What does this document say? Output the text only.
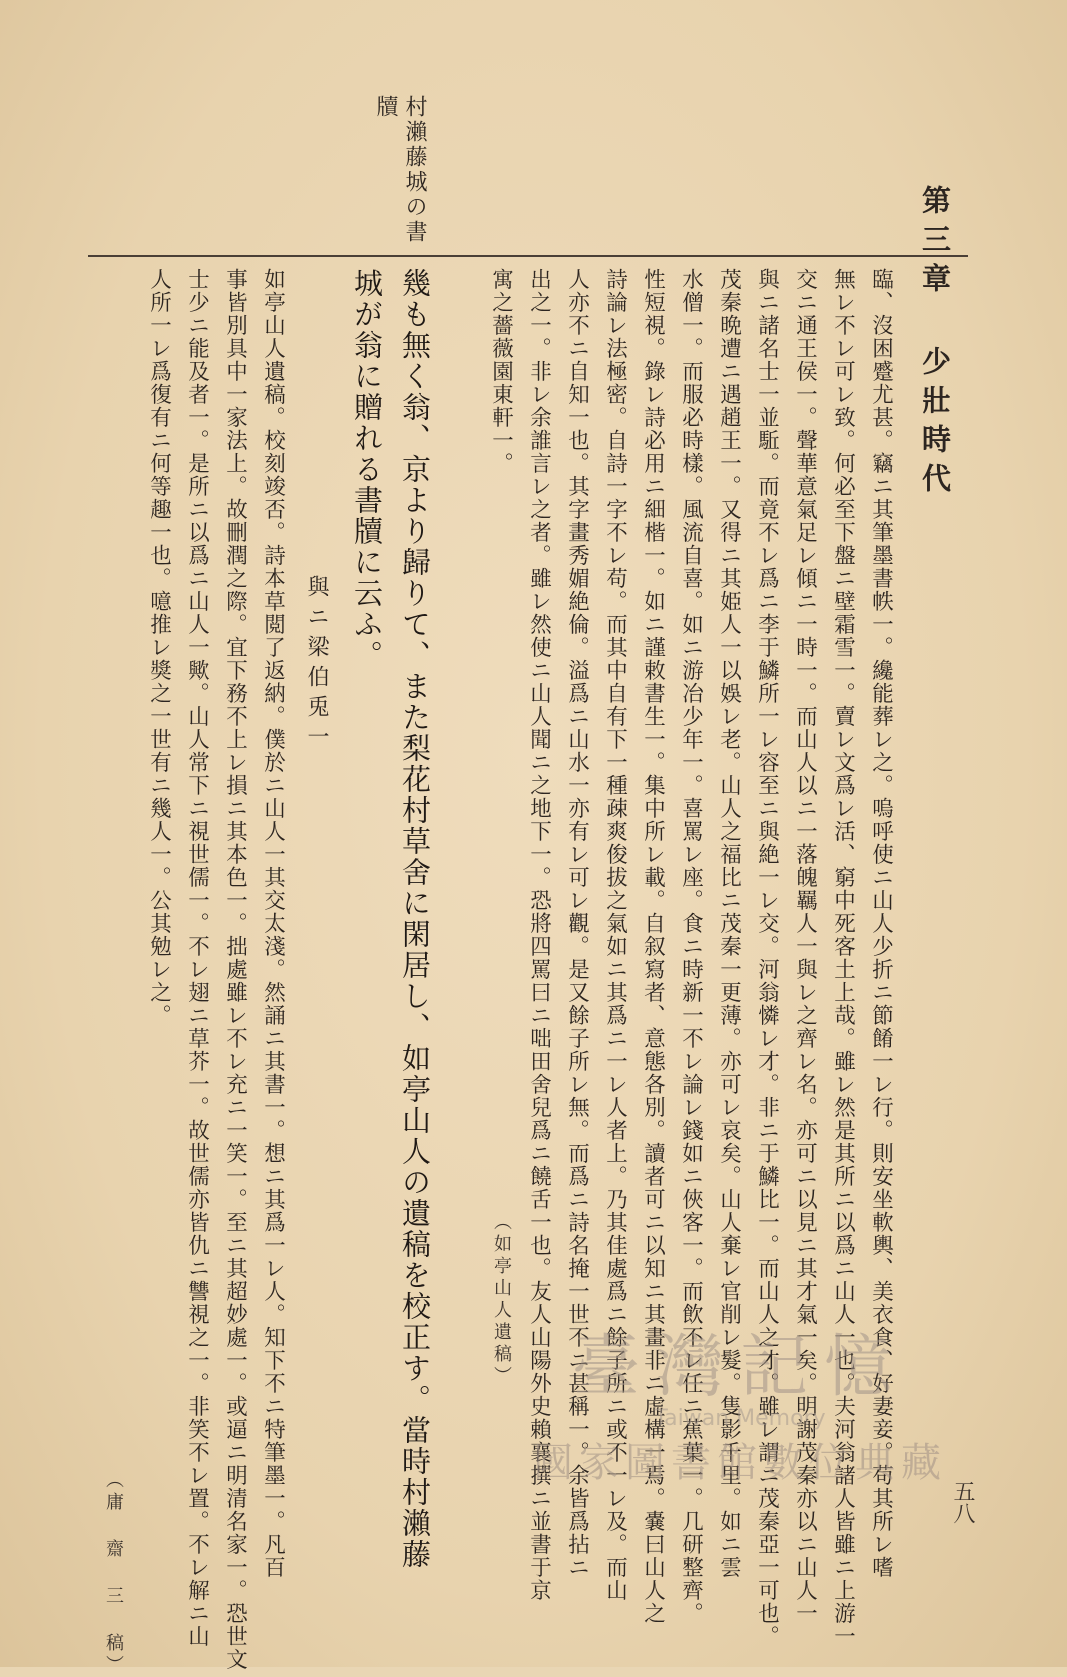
第三章 少壯時代
五八
村瀨藤城の書
牘
臨、沒困蹙尤甚。竊ニ其筆墨書帙一。纔能葬レ之。嗚呼使ニ山人少折ニ節餚一レ行。則安坐軟輿、美衣食、好妻妾。苟其所レ嗜
無レ不レ可レ致。何必至下盤ニ壁霜雪一。賣レ文爲レ活、窮中死客土上哉。雖レ然是其所ニ以爲ニ山人一也。夫河翁諸人皆雖ニ上游一
交ニ通王侯一。聲華意氣足レ傾ニ一時一。而山人以ニ一落魄羈人一與レ之齊レ名。亦可ニ以見ニ其才氣一矣。明謝茂秦亦以ニ山人一
與ニ諸名士一並駈。而竟不レ爲ニ李于鱗所一レ容至ニ與絶一レ交。河翁憐レ才。非ニ于鱗比一。而山人之才。雖レ謂ニ茂秦亞一可也。
茂秦晩遭ニ遇趙王一。又得ニ其姫人一以娛レ老。山人之福比ニ茂秦一更薄。亦可レ哀矣。山人棄レ官削レ髮。隻影千里。如ニ雲
水僧一。而服必時樣。風流自喜。如ニ游冶少年一。喜罵レ座。食ニ時新一不レ論レ錢如ニ俠客一。而飲不レ任ニ蕉葉一。几研整齊。
性短視。錄レ詩必用ニ細楷一。如ニ謹敕書生一。集中所レ載。自叙寫者、意態各別。讀者可ニ以知ニ其畫非ニ虛構一焉。嚢曰山人之
詩論レ法極密。自詩一字不レ苟。而其中自有下一種疎爽俊拔之氣如ニ其爲ニ一レ人者上。乃其佳處爲ニ餘子所ニ或不一レ及。而山
人亦不ニ自知一也。其字畫秀媚絶倫。溢爲ニ山水一亦有レ可レ觀。是又餘子所レ無。而爲ニ詩名掩一世不ニ甚稱一。余皆爲拈ニ
出之一。非レ余誰言レ之者。雖レ然使ニ山人聞ニ之地下一。恐將四罵曰ニ咄田舍兒爲ニ饒舌一也。友人山陽外史賴襄撰ニ並書于京
寓之薔薇園東軒一。
（如亭山人遺稿）
幾も無く翁、京より歸りて、また梨花村草舍に閑居し、如亭山人の遺稿を校正す。當時村瀨藤
城が翁に贈れる書牘に云ふ。
與ニ梁伯兎一
如亭山人遺稿。校刻竣否。詩本草閲了返納。僕於ニ山人一其交太淺。然誦ニ其書一。想ニ其爲一レ人。知下不ニ特筆墨一。凡百
事皆別具中一家法上。故刪潤之際。宜下務不上レ損ニ其本色一。拙處雖レ不レ充ニ一笑一。至ニ其超妙處一。或逼ニ明清名家一。恐世文
士少ニ能及者一。是所ニ以爲ニ山人一歟。山人常下ニ視世儒一。不レ翅ニ草芥一。故世儒亦皆仇ニ讐視之一。非笑不レ置。不レ解ニ山
人所一レ爲復有ニ何等趣一也。噫推レ獎之一世有ニ幾人一。公其勉レ之。
（庸 齋 三 稿）
臺灣記憶
Taiwan Memory
國家圖書館數位典藏
